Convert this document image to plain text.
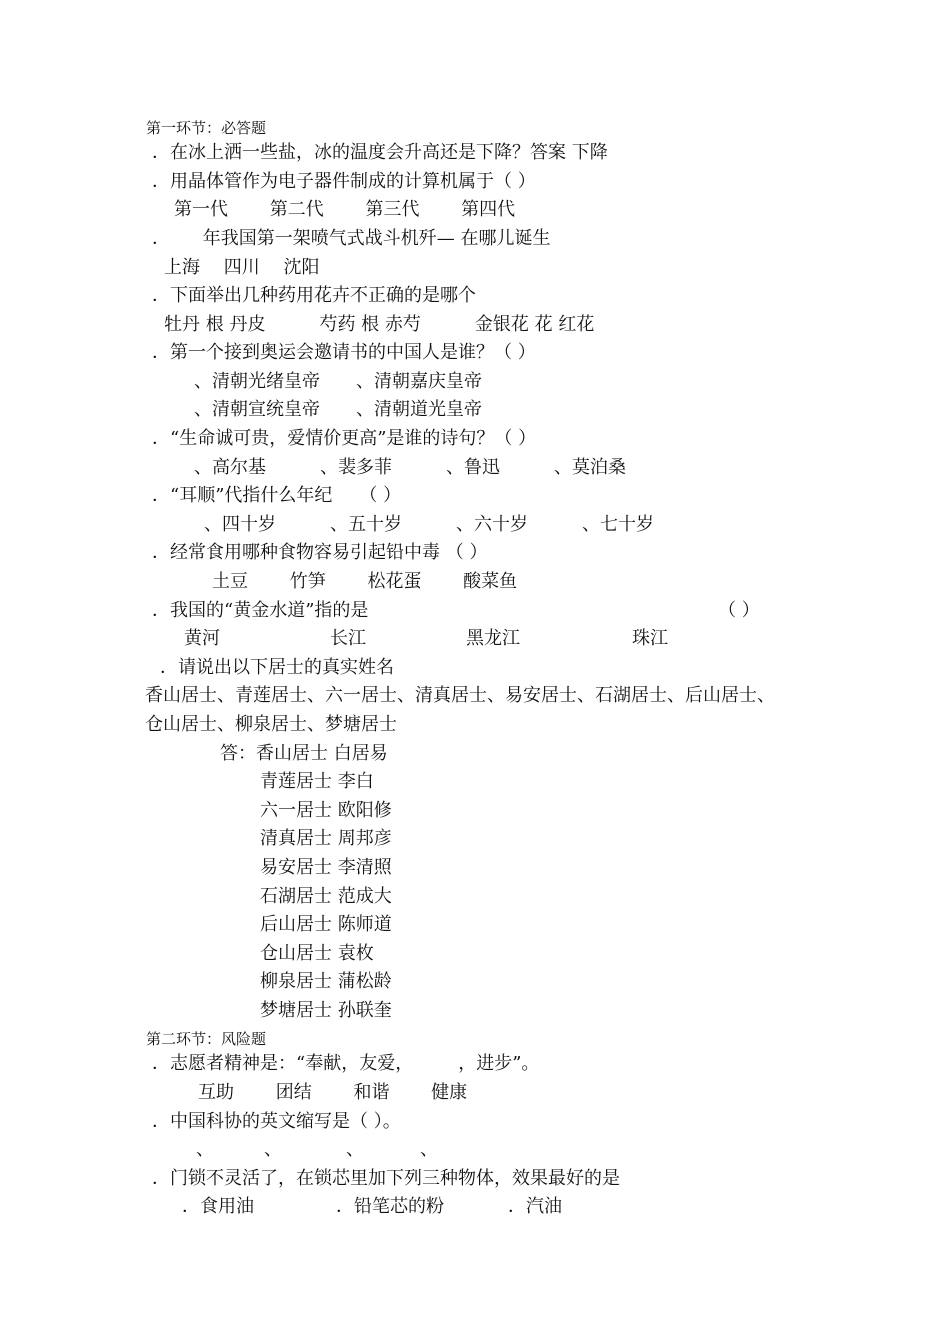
第一环节：必答题
．在冰上洒一些盐，冰的温度会升高还是下降？答案 下降
．用晶体管作为电子器件制成的计算机属于（ ）
第一代　　 第二代　　 第三代　　 第四代
．　　 年我国第一架喷气式战斗机歼— 在哪儿诞生
上海　 四川　 沈阳
．下面举出几种药用花卉不正确的是哪个
牡丹 根 丹皮　　　芍药 根 赤芍　　　金银花 花 红花
．第一个接到奥运会邀请书的中国人是谁？（ ）
、清朝光绪皇帝　　、清朝嘉庆皇帝
、清朝宣统皇帝　　、清朝道光皇帝
．“生命诚可贵，爱情价更高”是谁的诗句？（ ）
、高尔基　　　、裴多菲　　　、鲁迅　　　、莫泊桑
．“耳顺”代指什么年纪　　（ ）
、四十岁　　　、五十岁　　　、六十岁　　　、七十岁
．经常食用哪种食物容易引起铅中毒 （ ）
土豆　　 竹笋　　 松花蛋　　 酸菜鱼
．我国的“黄金水道”指的是	（ ）
黄河	长江	黑龙江	珠江
．请说出以下居士的真实姓名
香山居士、青莲居士、六一居士、清真居士、易安居士、石湖居士、后山居士、
仓山居士、柳泉居士、梦塘居士
答：香山居士 白居易
青莲居士 李白
六一居士 欧阳修
清真居士 周邦彦
易安居士 李清照
石湖居士 范成大
后山居士 陈师道
仓山居士 袁枚
柳泉居士 蒲松龄
梦塘居士 孙联奎
第二环节：风险题
．志愿者精神是：“奉献，友爱，　　　，进步”。
互助　　 团结　　 和谐　　 健康
．中国科协的英文缩写是（ ）。
、	、	、	、
．门锁不灵活了，在锁芯里加下列三种物体，效果最好的是
．食用油	．铅笔芯的粉	．汽油
